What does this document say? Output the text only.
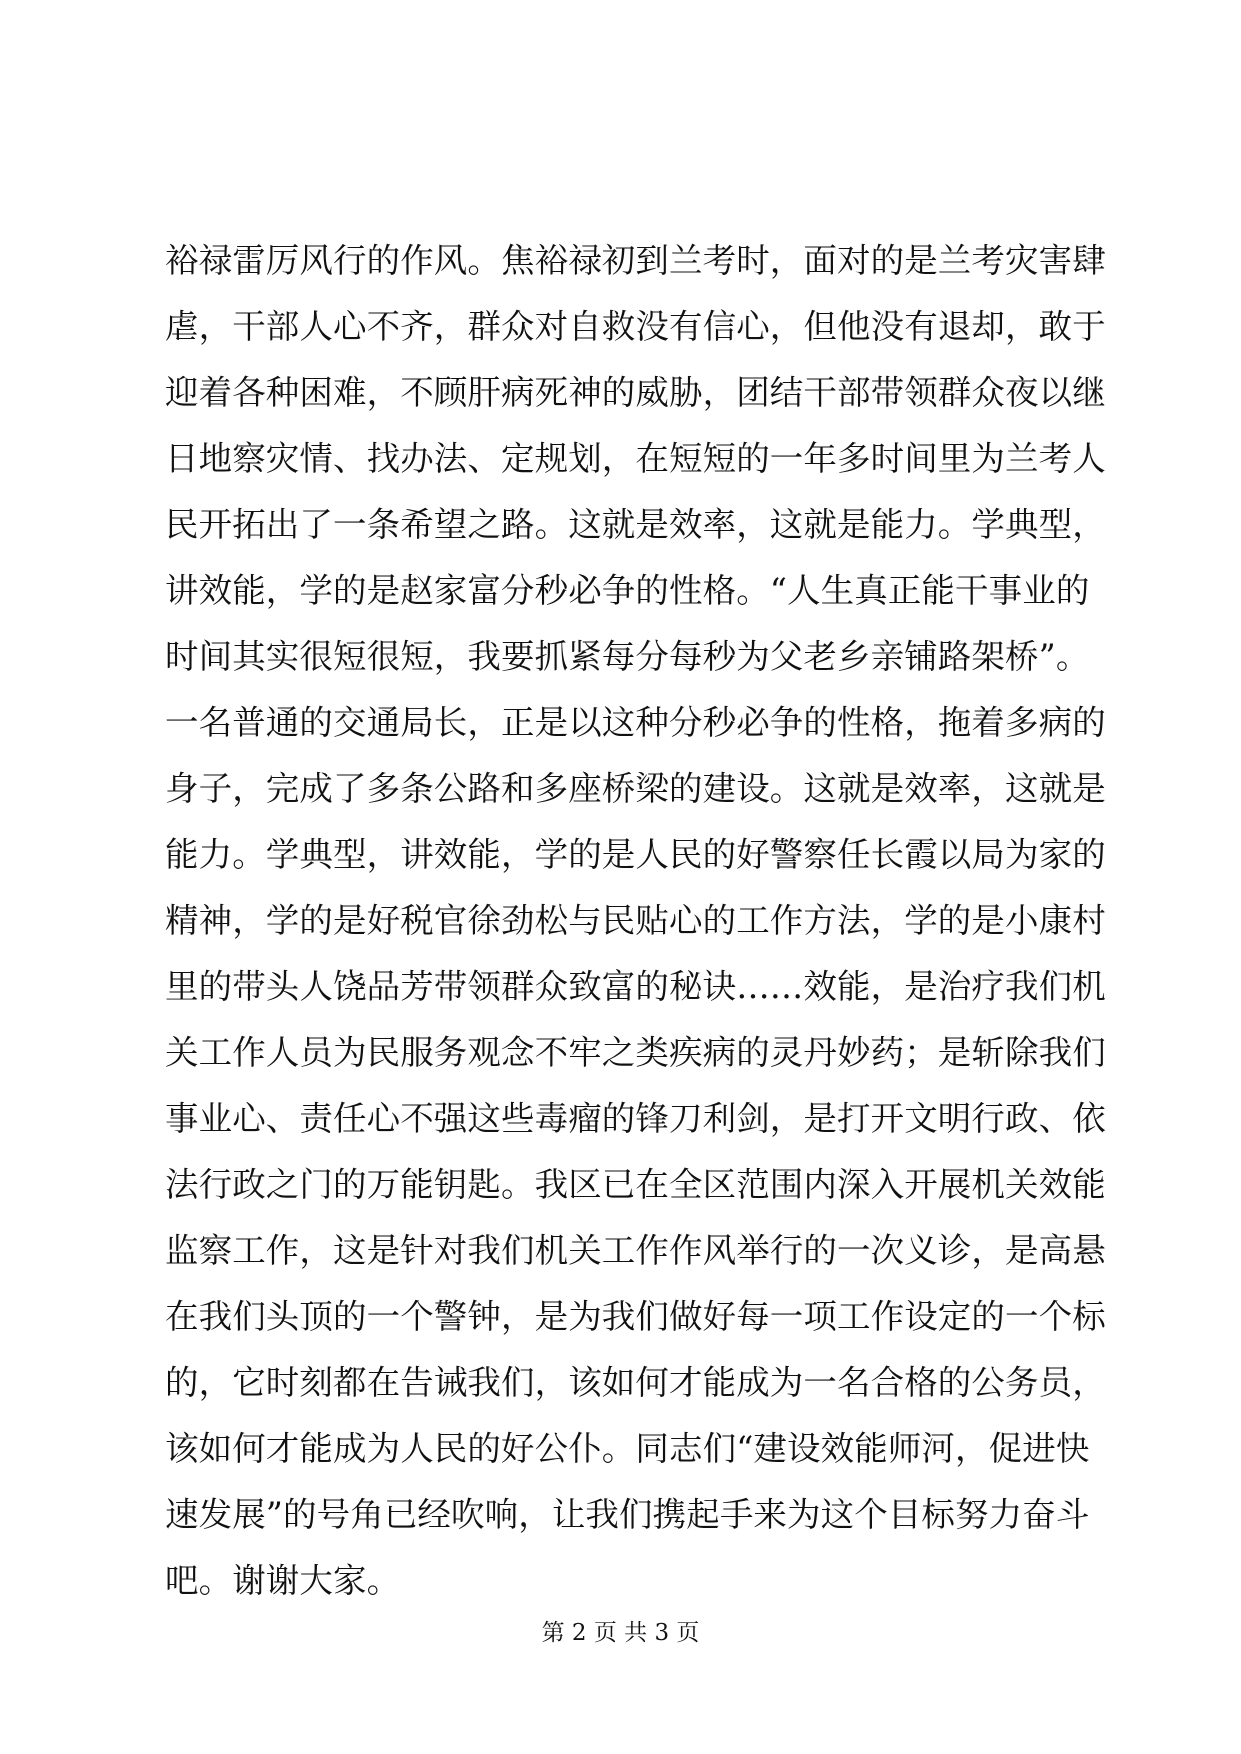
裕禄雷厉风行的作风。焦裕禄初到兰考时，面对的是兰考灾害肆
虐，干部人心不齐，群众对自救没有信心，但他没有退却，敢于
迎着各种困难，不顾肝病死神的威胁，团结干部带领群众夜以继
日地察灾情、找办法、定规划，在短短的一年多时间里为兰考人
民开拓出了一条希望之路。这就是效率，这就是能力。学典型，
讲效能，学的是赵家富分秒必争的性格。“人生真正能干事业的
时间其实很短很短，我要抓紧每分每秒为父老乡亲铺路架桥”。
一名普通的交通局长，正是以这种分秒必争的性格，拖着多病的
身子，完成了多条公路和多座桥梁的建设。这就是效率，这就是
能力。学典型，讲效能，学的是人民的好警察任长霞以局为家的
精神，学的是好税官徐劲松与民贴心的工作方法，学的是小康村
里的带头人饶品芳带领群众致富的秘诀……效能，是治疗我们机
关工作人员为民服务观念不牢之类疾病的灵丹妙药；是斩除我们
事业心、责任心不强这些毒瘤的锋刀利剑，是打开文明行政、依
法行政之门的万能钥匙。我区已在全区范围内深入开展机关效能
监察工作，这是针对我们机关工作作风举行的一次义诊，是高悬
在我们头顶的一个警钟，是为我们做好每一项工作设定的一个标
的，它时刻都在告诫我们，该如何才能成为一名合格的公务员，
该如何才能成为人民的好公仆。同志们“建设效能师河，促进快
速发展”的号角已经吹响，让我们携起手来为这个目标努力奋斗
吧。谢谢大家。
第 2 页 共 3 页
